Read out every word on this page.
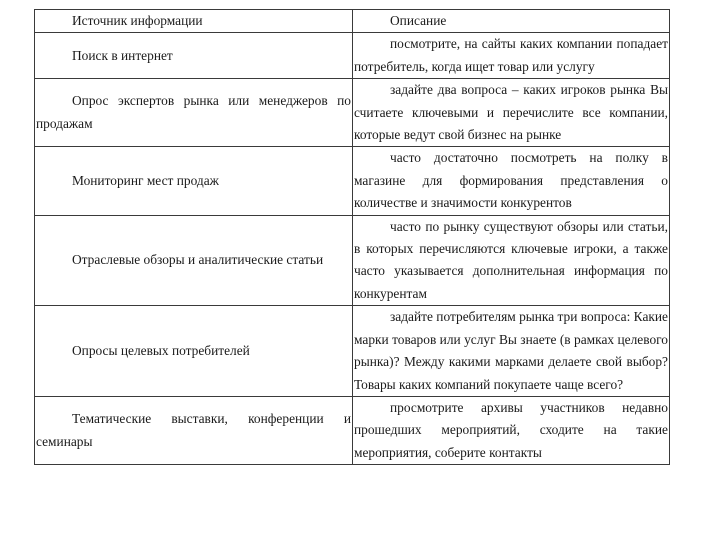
Источник информации	Описание
Поиск в интернет	посмотрите, на сайты каких компании попадает потребитель, когда ищет товар или услугу
Опрос экспертов рынка или менеджеров по продажам	задайте два вопроса – каких игроков рынка Вы считаете ключевыми и перечислите все компании, которые ведут свой бизнес на рынке
Мониторинг мест продаж	часто достаточно посмотреть на полку в магазине для формирования представления о количестве и значимости конкурентов
Отраслевые обзоры и аналитические статьи	часто по рынку существуют обзоры или статьи, в которых перечисляются ключевые игроки, а также часто указывается дополнительная информация по конкурентам
Опросы целевых потребителей	задайте потребителям рынка три вопроса: Какие марки товаров или услуг Вы знаете (в рамках целевого рынка)? Между какими марками делаете свой выбор? Товары каких компаний покупаете чаще всего?
Тематические выставки, конференции и семинары	просмотрите архивы участников недавно прошедших мероприятий, сходите на такие мероприятия, соберите контакты
